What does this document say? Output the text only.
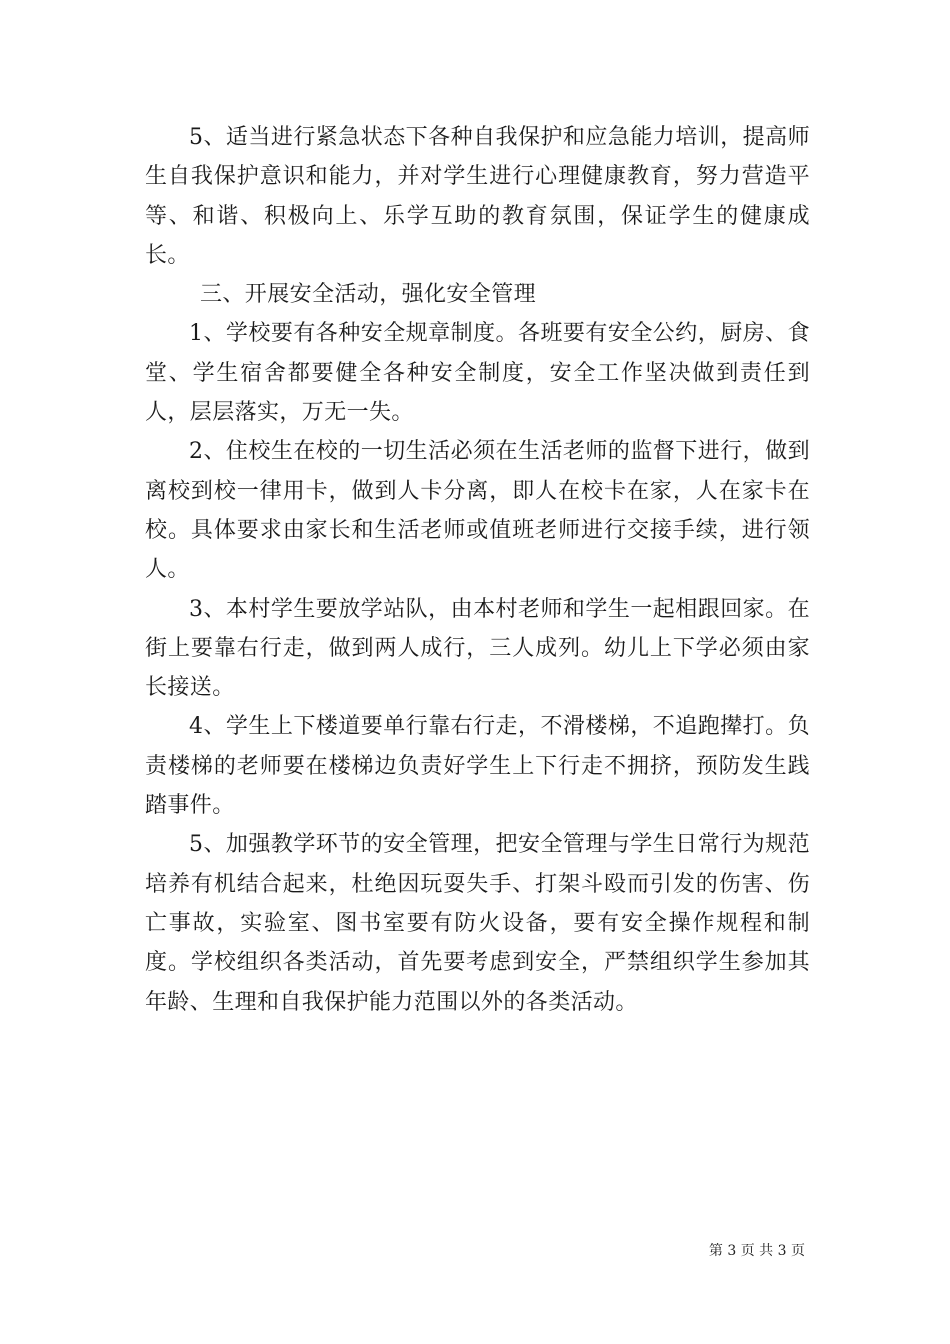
5、适当进行紧急状态下各种自我保护和应急能力培训，提高师生自我保护意识和能力，并对学生进行心理健康教育，努力营造平等、和谐、积极向上、乐学互助的教育氛围，保证学生的健康成长。

三、开展安全活动，强化安全管理

1、学校要有各种安全规章制度。各班要有安全公约，厨房、食堂、学生宿舍都要健全各种安全制度，安全工作坚决做到责任到人，层层落实，万无一失。

2、住校生在校的一切生活必须在生活老师的监督下进行，做到离校到校一律用卡，做到人卡分离，即人在校卡在家，人在家卡在校。具体要求由家长和生活老师或值班老师进行交接手续，进行领人。

3、本村学生要放学站队，由本村老师和学生一起相跟回家。在街上要靠右行走，做到两人成行，三人成列。幼儿上下学必须由家长接送。

4、学生上下楼道要单行靠右行走，不滑楼梯，不追跑撵打。负责楼梯的老师要在楼梯边负责好学生上下行走不拥挤，预防发生践踏事件。

5、加强教学环节的安全管理，把安全管理与学生日常行为规范培养有机结合起来，杜绝因玩耍失手、打架斗殴而引发的伤害、伤亡事故，实验室、图书室要有防火设备，要有安全操作规程和制度。学校组织各类活动，首先要考虑到安全，严禁组织学生参加其年龄、生理和自我保护能力范围以外的各类活动。

第 3 页 共 3 页
